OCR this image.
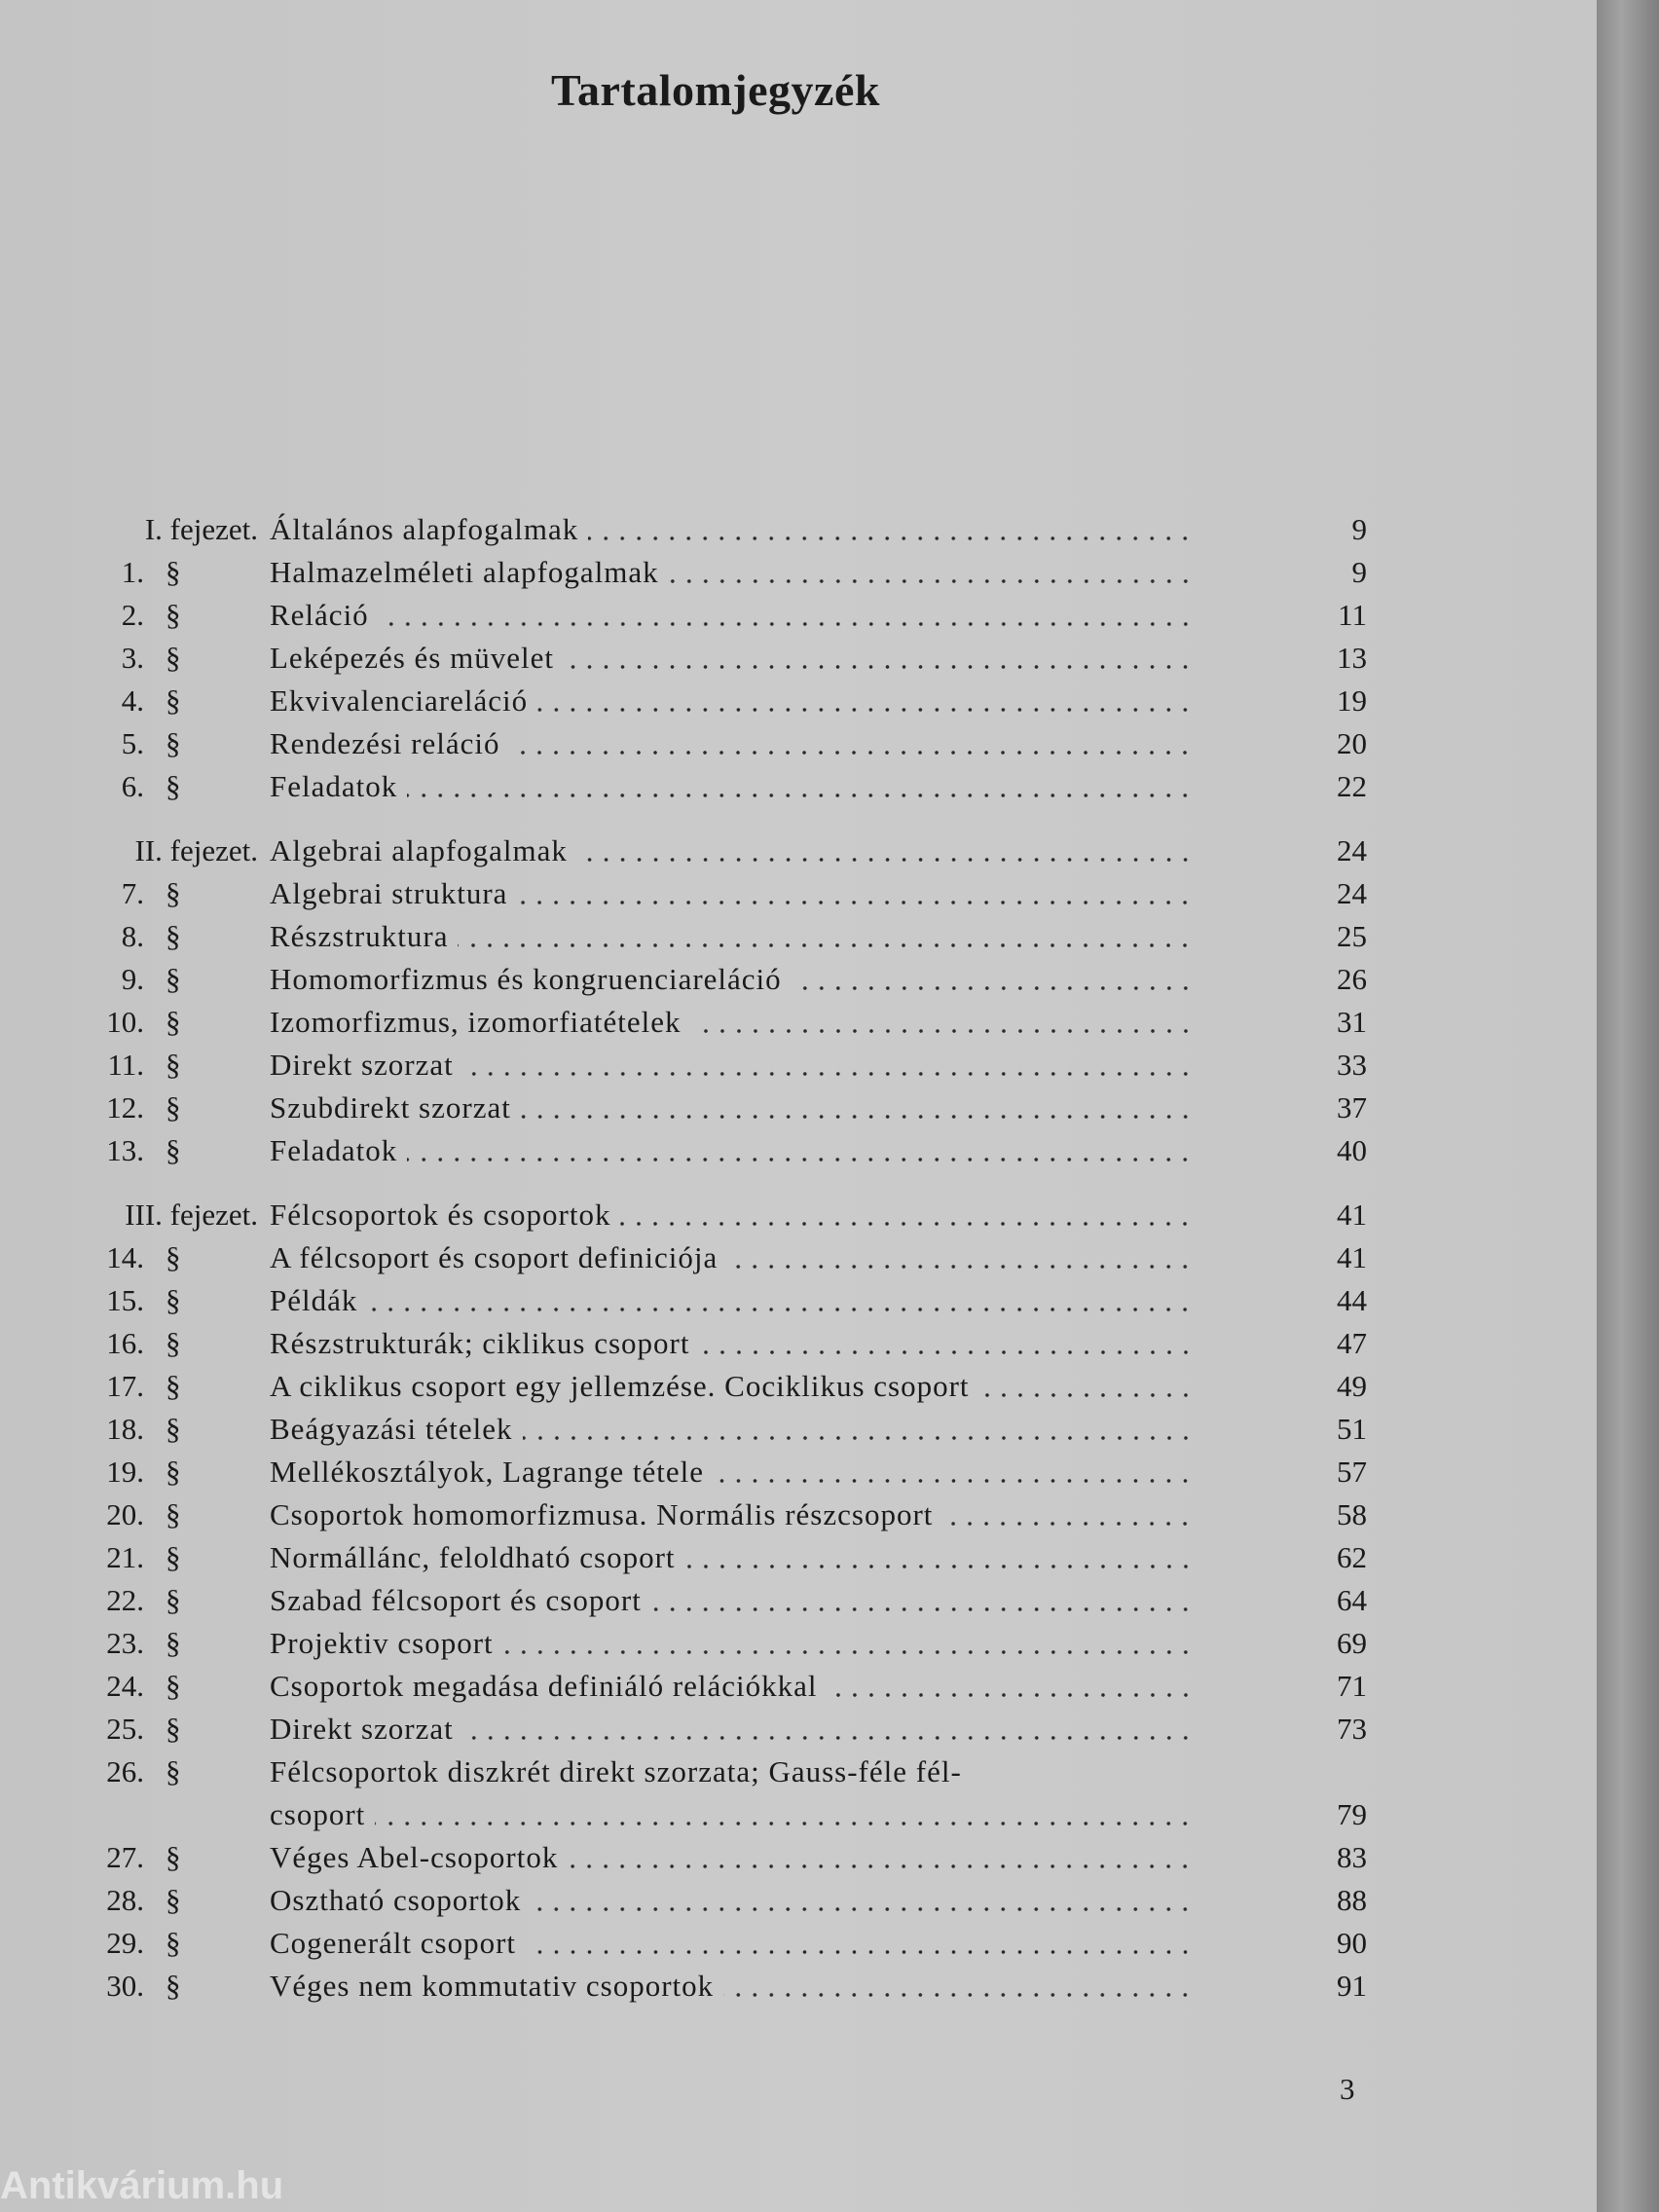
Tartalomjegyzék
I. fejezet. Általános alapfogalmak	9
1. §	Halmazelméleti alapfogalmak	9
2. §	Reláció	11
3. §	Leképezés és müvelet	13
4. §	Ekvivalenciareláció	19
5. §	Rendezési reláció	20
6. §	Feladatok	22
II. fejezet. Algebrai alapfogalmak	24
7. §	Algebrai struktura	24
8. §	Részstruktura	25
9. §	Homomorfizmus és kongruenciareláció	26
10. §	Izomorfizmus, izomorfiatételek	31
11. §	Direkt szorzat	33
12. §	Szubdirekt szorzat	37
13. §	Feladatok	40
III. fejezet. Félcsoportok és csoportok	41
14. §	A félcsoport és csoport definiciója	41
15. §	Példák	44
16. §	Részstrukturák; ciklikus csoport	47
17. §	A ciklikus csoport egy jellemzése. Cociklikus csoport	49
18. §	Beágyazási tételek	51
19. §	Mellékosztályok, Lagrange tétele	57
20. §	Csoportok homomorfizmusa. Normális részcsoport	58
21. §	Normállánc, feloldható csoport	62
22. §	Szabad félcsoport és csoport	64
23. §	Projektiv csoport	69
24. §	Csoportok megadása definiáló relációkkal	71
25. §	Direkt szorzat	73
26. §	Félcsoportok diszkrét direkt szorzata; Gauss-féle fél-
csoport	79
27. §	Véges Abel-csoportok	83
28. §	Osztható csoportok	88
29. §	Cogenerált csoport	90
30. §	Véges nem kommutativ csoportok	91
3
Antikvárium.hu
